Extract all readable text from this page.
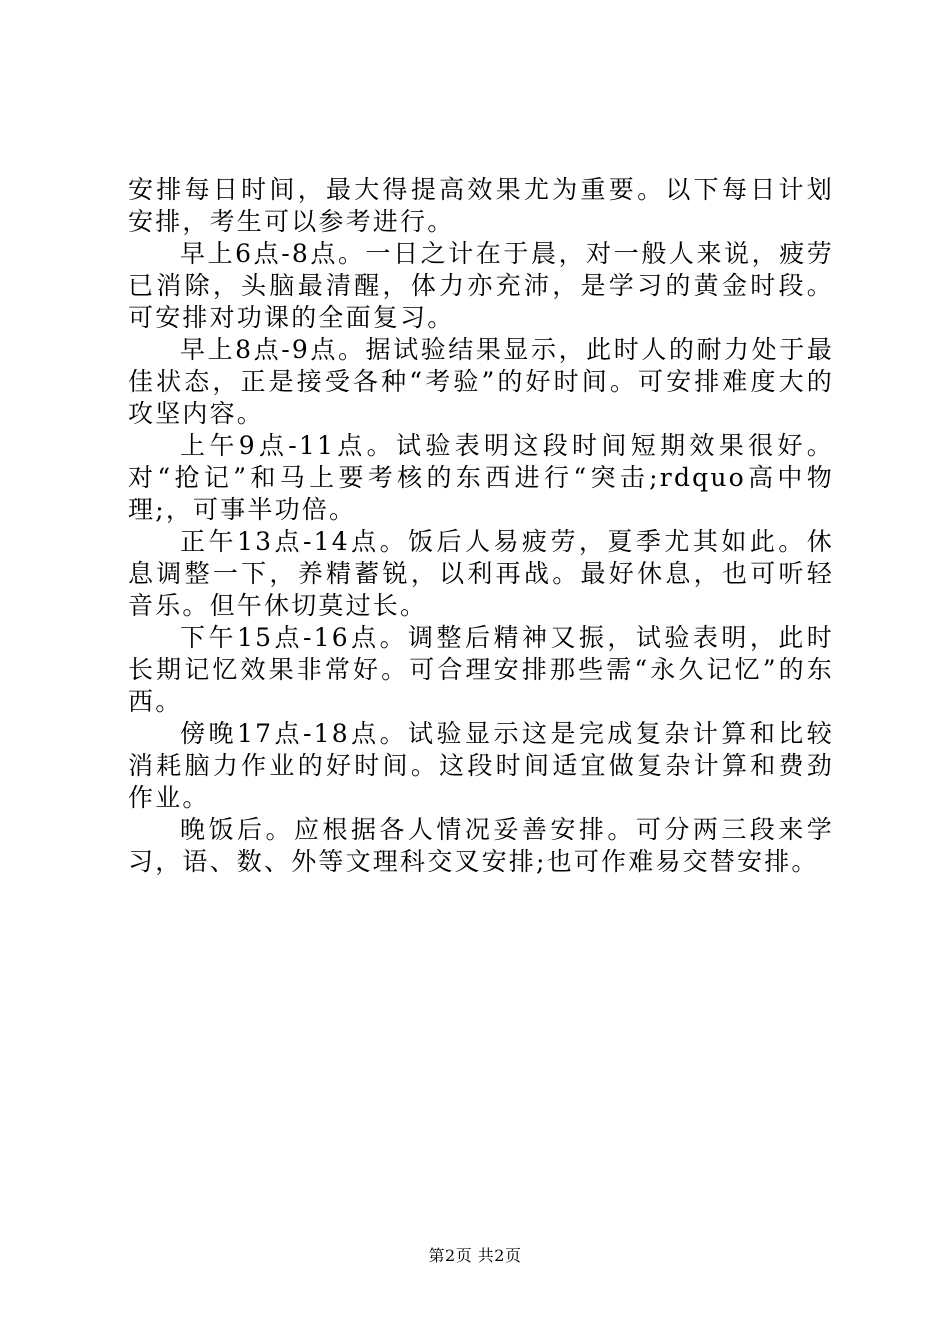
安排每日时间，最大得提高效果尤为重要。以下每日计划安排，考生可以参考进行。

早上6点-8点。一日之计在于晨，对一般人来说，疲劳已消除，头脑最清醒，体力亦充沛，是学习的黄金时段。可安排对功课的全面复习。

早上8点-9点。据试验结果显示，此时人的耐力处于最佳状态，正是接受各种“考验”的好时间。可安排难度大的攻坚内容。

上午9点-11点。试验表明这段时间短期效果很好。对“抢记”和马上要考核的东西进行“突击;rdquo高中物理;，可事半功倍。

正午13点-14点。饭后人易疲劳，夏季尤其如此。休息调整一下，养精蓄锐，以利再战。最好休息，也可听轻音乐。但午休切莫过长。

下午15点-16点。调整后精神又振，试验表明，此时长期记忆效果非常好。可合理安排那些需“永久记忆”的东西。

傍晚17点-18点。试验显示这是完成复杂计算和比较消耗脑力作业的好时间。这段时间适宜做复杂计算和费劲作业。

晚饭后。应根据各人情况妥善安排。可分两三段来学习，语、数、外等文理科交叉安排;也可作难易交替安排。

第2页 共2页
